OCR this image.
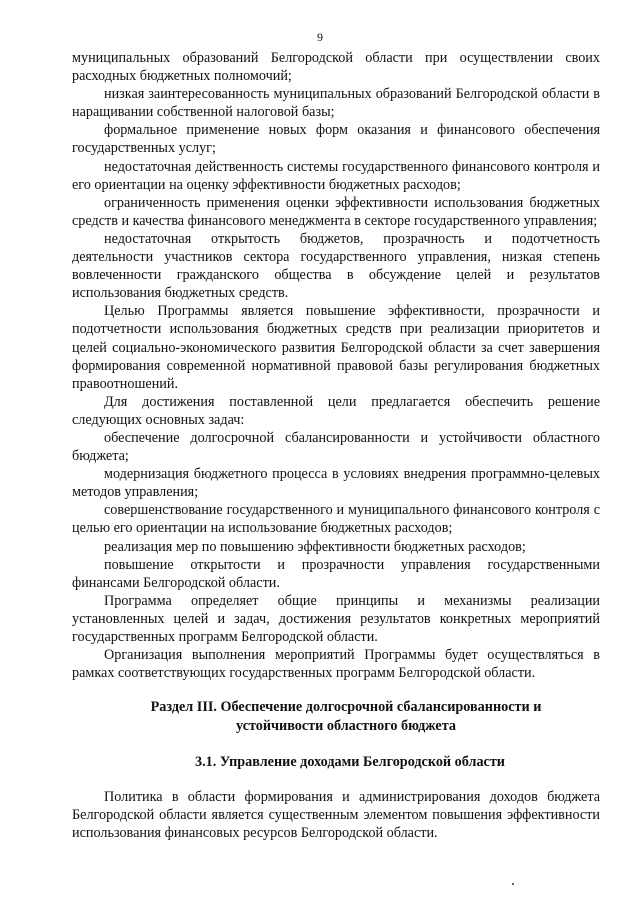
9

муниципальных образований Белгородской области при осуществлении своих расходных бюджетных полномочий;

низкая заинтересованность муниципальных образований Белгородской области в наращивании собственной налоговой базы;

формальное применение новых форм оказания и финансового обеспечения государственных услуг;

недостаточная действенность системы государственного финансового контроля и его ориентации на оценку эффективности бюджетных расходов;

ограниченность применения оценки эффективности использования бюджетных средств и качества финансового менеджмента в секторе государственного управления;

недостаточная открытость бюджетов, прозрачность и подотчетность деятельности участников сектора государственного управления, низкая степень вовлеченности гражданского общества в обсуждение целей и результатов использования бюджетных средств.

Целью Программы является повышение эффективности, прозрачности и подотчетности использования бюджетных средств при реализации приоритетов и целей социально-экономического развития Белгородской области за счет завершения формирования современной нормативной правовой базы регулирования бюджетных правоотношений.

Для достижения поставленной цели предлагается обеспечить решение следующих основных задач:

обеспечение долгосрочной сбалансированности и устойчивости областного бюджета;

модернизация бюджетного процесса в условиях внедрения программно-целевых методов управления;

совершенствование государственного и муниципального финансового контроля с целью его ориентации на использование бюджетных расходов;

реализация мер по повышению эффективности бюджетных расходов;

повышение открытости и прозрачности управления государственными финансами Белгородской области.

Программа определяет общие принципы и механизмы реализации установленных целей и задач, достижения результатов конкретных мероприятий государственных программ Белгородской области.

Организация выполнения мероприятий Программы будет осуществляться в рамках соответствующих государственных программ Белгородской области.

Раздел III. Обеспечение долгосрочной сбалансированности и
устойчивости областного бюджета
3.1. Управление доходами Белгородской области

Политика в области формирования и администрирования доходов бюджета Белгородской области является существенным элементом повышения эффективности использования финансовых ресурсов Белгородской области.
